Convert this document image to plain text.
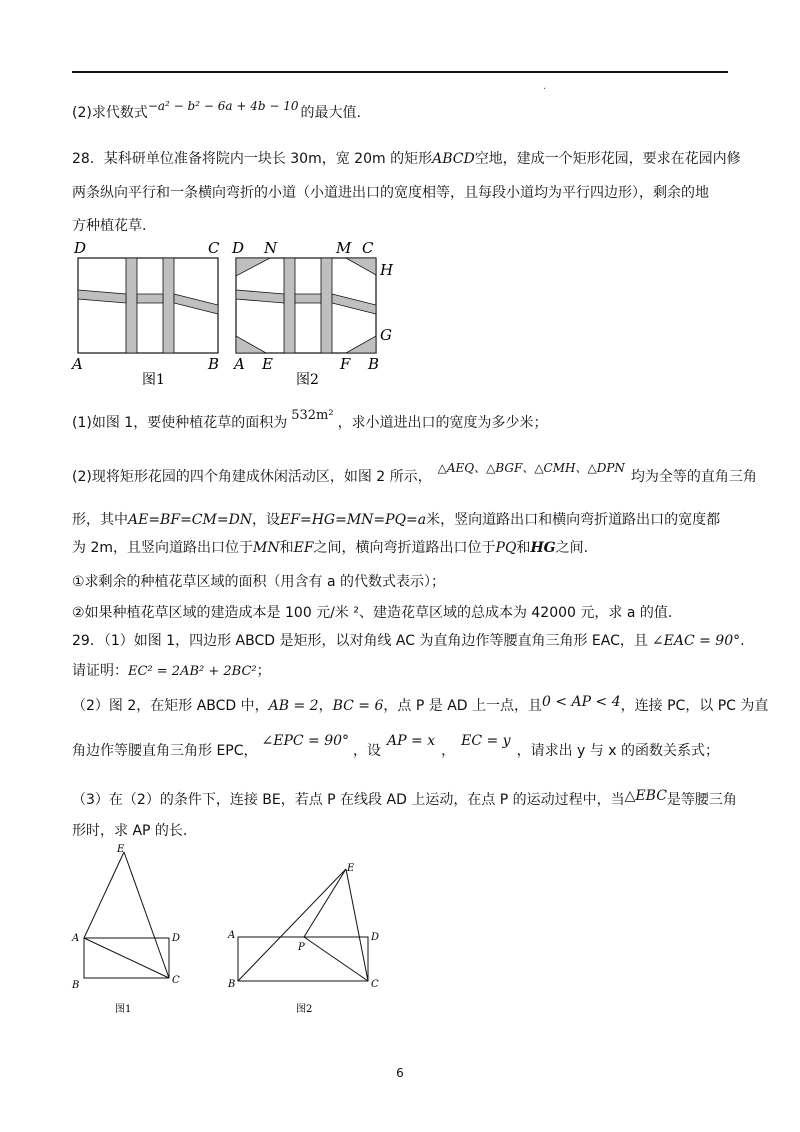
·
(2)求代数式−a² − b² − 6a + 4b − 10 的最大值.
28．某科研单位准备将院内一块长 30m，宽 20m 的矩形ABCD空地，建成一个矩形花园，要求在花园内修
两条纵向平行和一条横向弯折的小道（小道进出口的宽度相等，且每段小道均为平行四边形），剩余的地
方种植花草.
D	C
A	B
图1
D N	M C
H
G
A E	F B
图2
(1)如图 1，要使种植花草的面积为 532m² ，求小道进出口的宽度为多少米；
(2)现将矩形花园的四个角建成休闲活动区，如图 2 所示，△AEQ、△BGF、△CMH、△DPN均为全等的直角三角
形，其中AE=BF=CM=DN，设EF=HG=MN=PQ=a米，竖向道路出口和横向弯折道路出口的宽度都
为 2m，且竖向道路出口位于MN和EF之间，横向弯折道路出口位于PQ和HG之间.
①求剩余的种植花草区域的面积（用含有 a 的代数式表示）；
②如果种植花草区域的建造成本是 100 元/米 ²、建造花草区域的总成本为 42000 元，求 a 的值.
29．（1）如图 1，四边形 ABCD 是矩形，以对角线 AC 为直角边作等腰直角三角形 EAC，且 ∠EAC = 90°.
请证明：EC² = 2AB² + 2BC²；
（2）图 2，在矩形 ABCD 中，AB = 2，BC = 6，点 P 是 AD 上一点，且0 < AP < 4，连接 PC，以 PC 为直
角边作等腰直角三角形 EPC，∠EPC = 90°，设AP = x，EC = y，请求出 y 与 x 的函数关系式；
（3）在（2）的条件下，连接 BE，若点 P 在线段 AD 上运动，在点 P 的运动过程中，当△EBC是等腰三角
形时，求 AP 的长.
E
A	D
B	C
图1
E
A
P
D
B	C
图2
6
